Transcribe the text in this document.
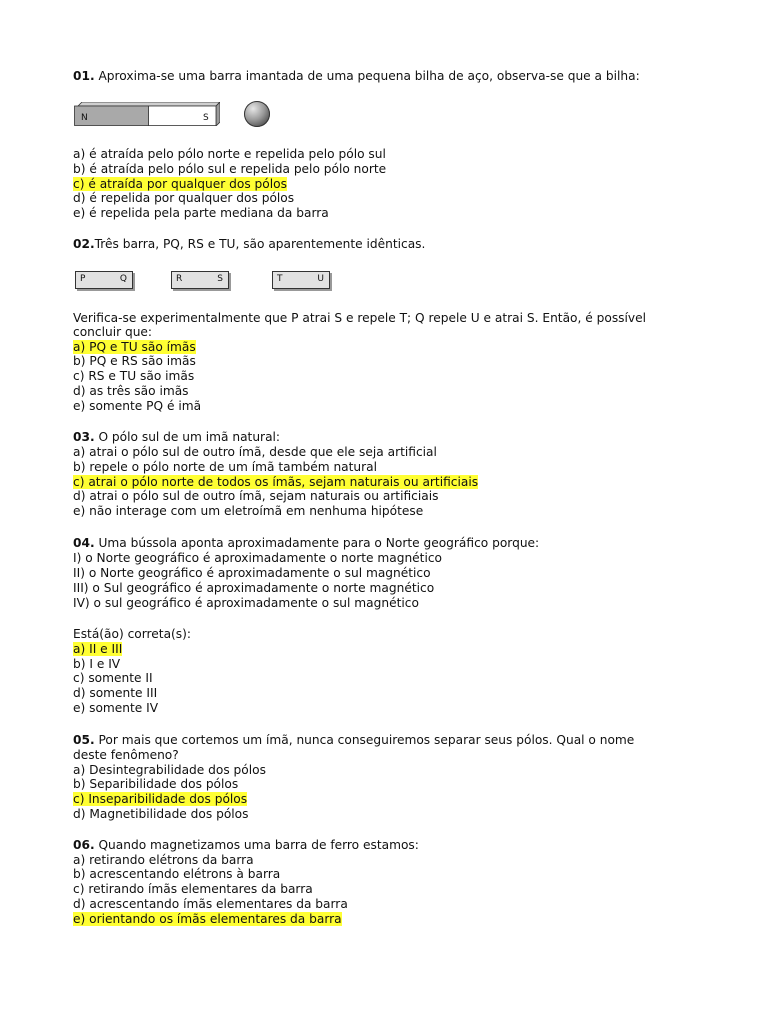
01. Aproxima-se uma barra imantada de uma pequena bilha de aço, observa-se que a bilha:
N	S
a) é atraída pelo pólo norte e repelida pelo pólo sul
b) é atraída pelo pólo sul e repelida pelo pólo norte
c) é atraída por qualquer dos pólos
d) é repelida por qualquer dos pólos
e) é repelida pela parte mediana da barra
02.Três barra, PQ, RS e TU, são aparentemente idênticas.
P	Q	R	S	T	U
Verifica-se experimentalmente que P atrai S e repele T; Q repele U e atrai S. Então, é possível
concluir que:
a) PQ e TU são ímãs
b) PQ e RS são imãs
c) RS e TU são imãs
d) as três são imãs
e) somente PQ é imã
03. O pólo sul de um imã natural:
a) atrai o pólo sul de outro ímã, desde que ele seja artificial
b) repele o pólo norte de um ímã também natural
c) atrai o pólo norte de todos os ímãs, sejam naturais ou artificiais
d) atrai o pólo sul de outro ímã, sejam naturais ou artificiais
e) não interage com um eletroímã em nenhuma hipótese
04. Uma bússola aponta aproximadamente para o Norte geográfico porque:
I) o Norte geográfico é aproximadamente o norte magnético
II) o Norte geográfico é aproximadamente o sul magnético
III) o Sul geográfico é aproximadamente o norte magnético
IV) o sul geográfico é aproximadamente o sul magnético
Está(ão) correta(s):
a) II e III
b) I e IV
c) somente II
d) somente III
e) somente IV
05. Por mais que cortemos um ímã, nunca conseguiremos separar seus pólos. Qual o nome
deste fenômeno?
a) Desintegrabilidade dos pólos
b) Separibilidade dos pólos
c) Inseparibilidade dos pólos
d) Magnetibilidade dos pólos
06. Quando magnetizamos uma barra de ferro estamos:
a) retirando elétrons da barra
b) acrescentando elétrons à barra
c) retirando ímãs elementares da barra
d) acrescentando ímãs elementares da barra
e) orientando os ímãs elementares da barra
